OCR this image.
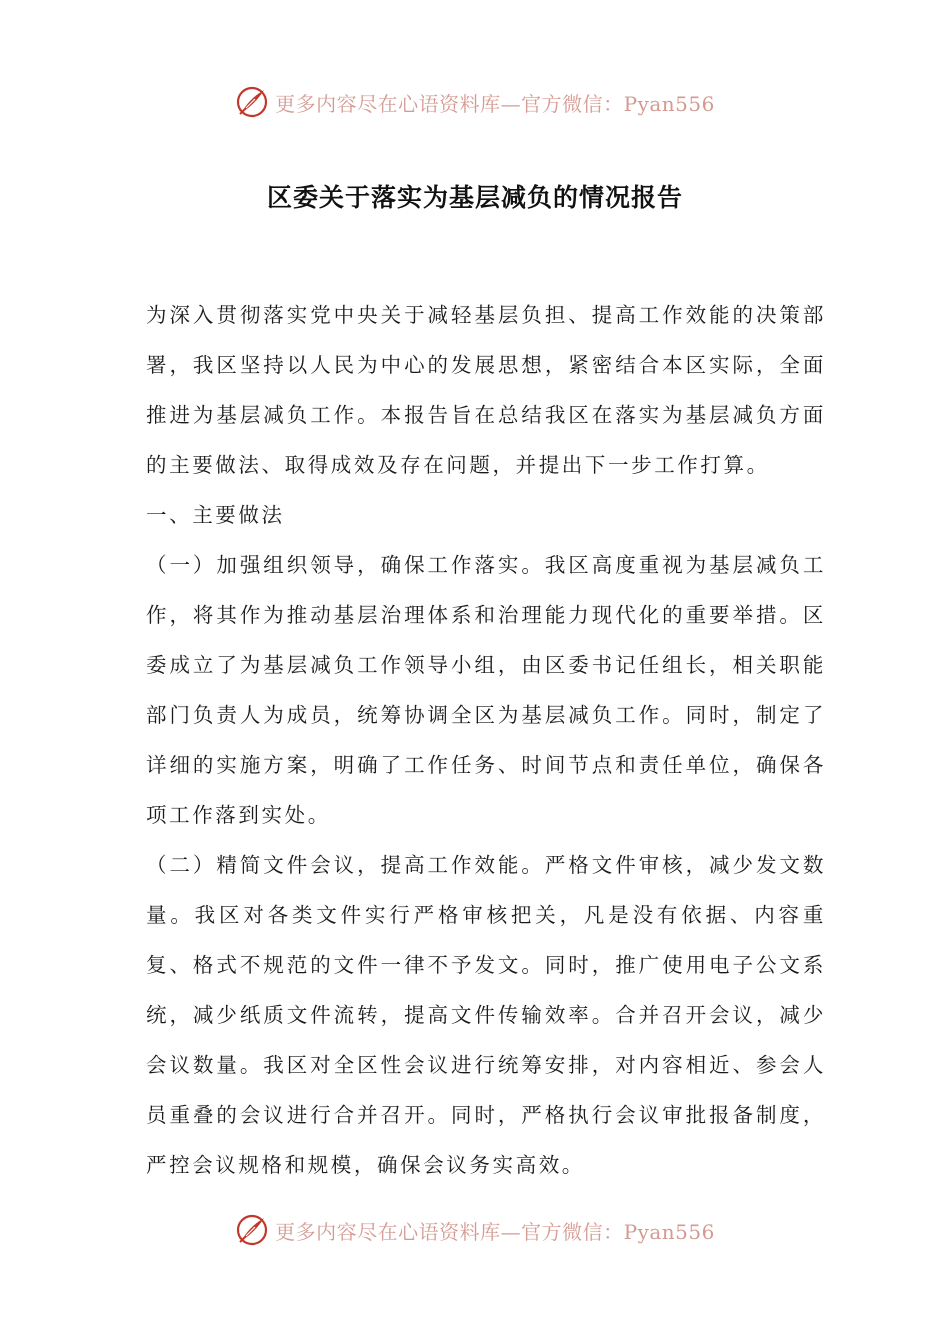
更多内容尽在心语资料库—官方微信：Pyan556
区委关于落实为基层减负的情况报告

为深入贯彻落实党中央关于减轻基层负担、提高工作效能的决策部署，我区坚持以人民为中心的发展思想，紧密结合本区实际，全面推进为基层减负工作。本报告旨在总结我区在落实为基层减负方面的主要做法、取得成效及存在问题，并提出下一步工作打算。

一、主要做法

（一）加强组织领导，确保工作落实。我区高度重视为基层减负工作，将其作为推动基层治理体系和治理能力现代化的重要举措。区委成立了为基层减负工作领导小组，由区委书记任组长，相关职能部门负责人为成员，统筹协调全区为基层减负工作。同时，制定了详细的实施方案，明确了工作任务、时间节点和责任单位，确保各项工作落到实处。

（二）精简文件会议，提高工作效能。严格文件审核，减少发文数量。我区对各类文件实行严格审核把关，凡是没有依据、内容重复、格式不规范的文件一律不予发文。同时，推广使用电子公文系统，减少纸质文件流转，提高文件传输效率。合并召开会议，减少会议数量。我区对全区性会议进行统筹安排，对内容相近、参会人员重叠的会议进行合并召开。同时，严格执行会议审批报备制度，严控会议规格和规模，确保会议务实高效。

更多内容尽在心语资料库—官方微信：Pyan556
